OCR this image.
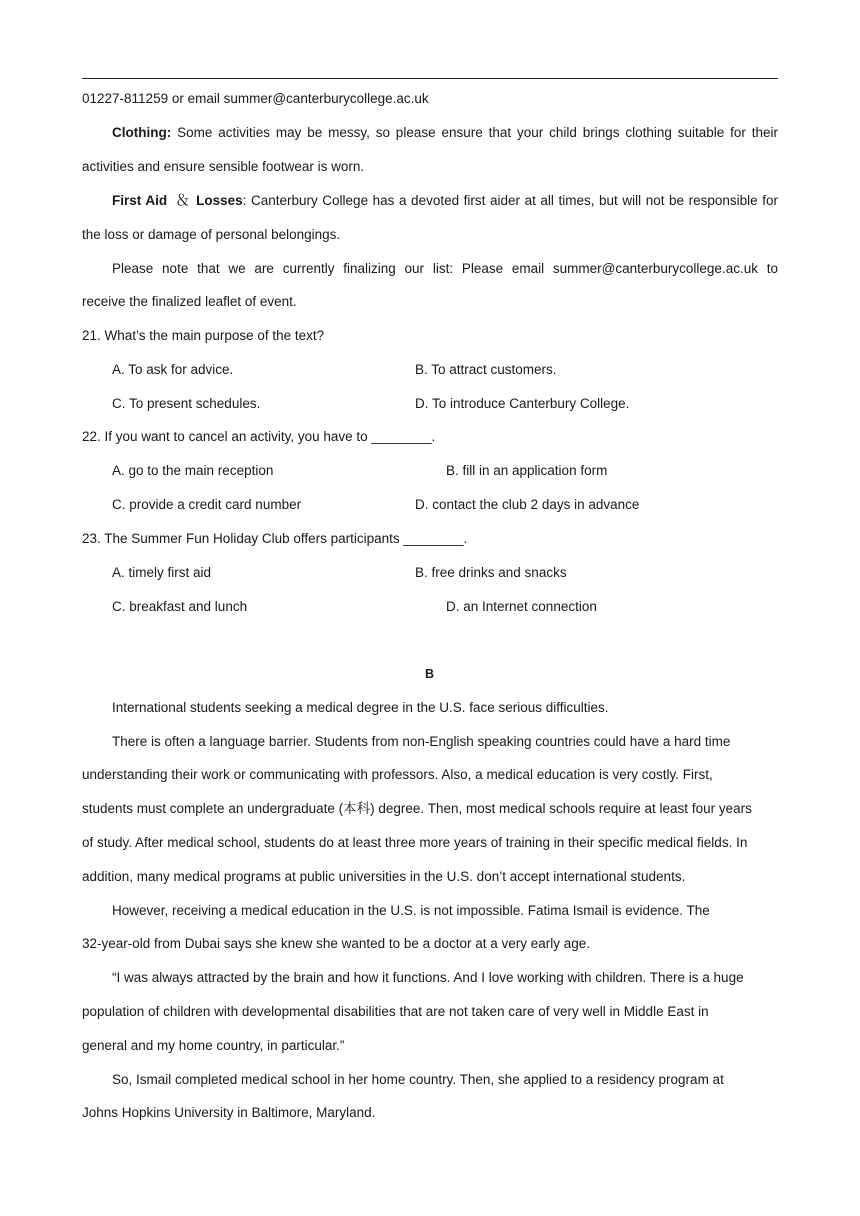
01227-811259 or email summer@canterburycollege.ac.uk
Clothing: Some activities may be messy, so please ensure that your child brings clothing suitable for their
activities and ensure sensible footwear is worn.
First Aid ＆ Losses: Canterbury College has a devoted first aider at all times, but will not be responsible for
the loss or damage of personal belongings.
Please note that we are currently finalizing our list: Please email summer@canterburycollege.ac.uk to
receive the finalized leaflet of event.
21. What’s the main purpose of the text?
A. To ask for advice.	B. To attract customers.
C. To present schedules.	D. To introduce Canterbury College.
22. If you want to cancel an activity, you have to ________.
A. go to the main reception	B. fill in an application form
C. provide a credit card number	D. contact the club 2 days in advance
23. The Summer Fun Holiday Club offers participants ________.
A. timely first aid	B. free drinks and snacks
C. breakfast and lunch	D. an Internet connection
B
International students seeking a medical degree in the U.S. face serious difficulties.
There is often a language barrier. Students from non-English speaking countries could have a hard time
understanding their work or communicating with professors. Also, a medical education is very costly. First,
students must complete an undergraduate (本科) degree. Then, most medical schools require at least four years
of study. After medical school, students do at least three more years of training in their specific medical fields. In
addition, many medical programs at public universities in the U.S. don’t accept international students.
However, receiving a medical education in the U.S. is not impossible. Fatima Ismail is evidence. The
32-year-old from Dubai says she knew she wanted to be a doctor at a very early age.
“I was always attracted by the brain and how it functions. And I love working with children. There is a huge
population of children with developmental disabilities that are not taken care of very well in Middle East in
general and my home country, in particular.”
So, Ismail completed medical school in her home country. Then, she applied to a residency program at
Johns Hopkins University in Baltimore, Maryland.
